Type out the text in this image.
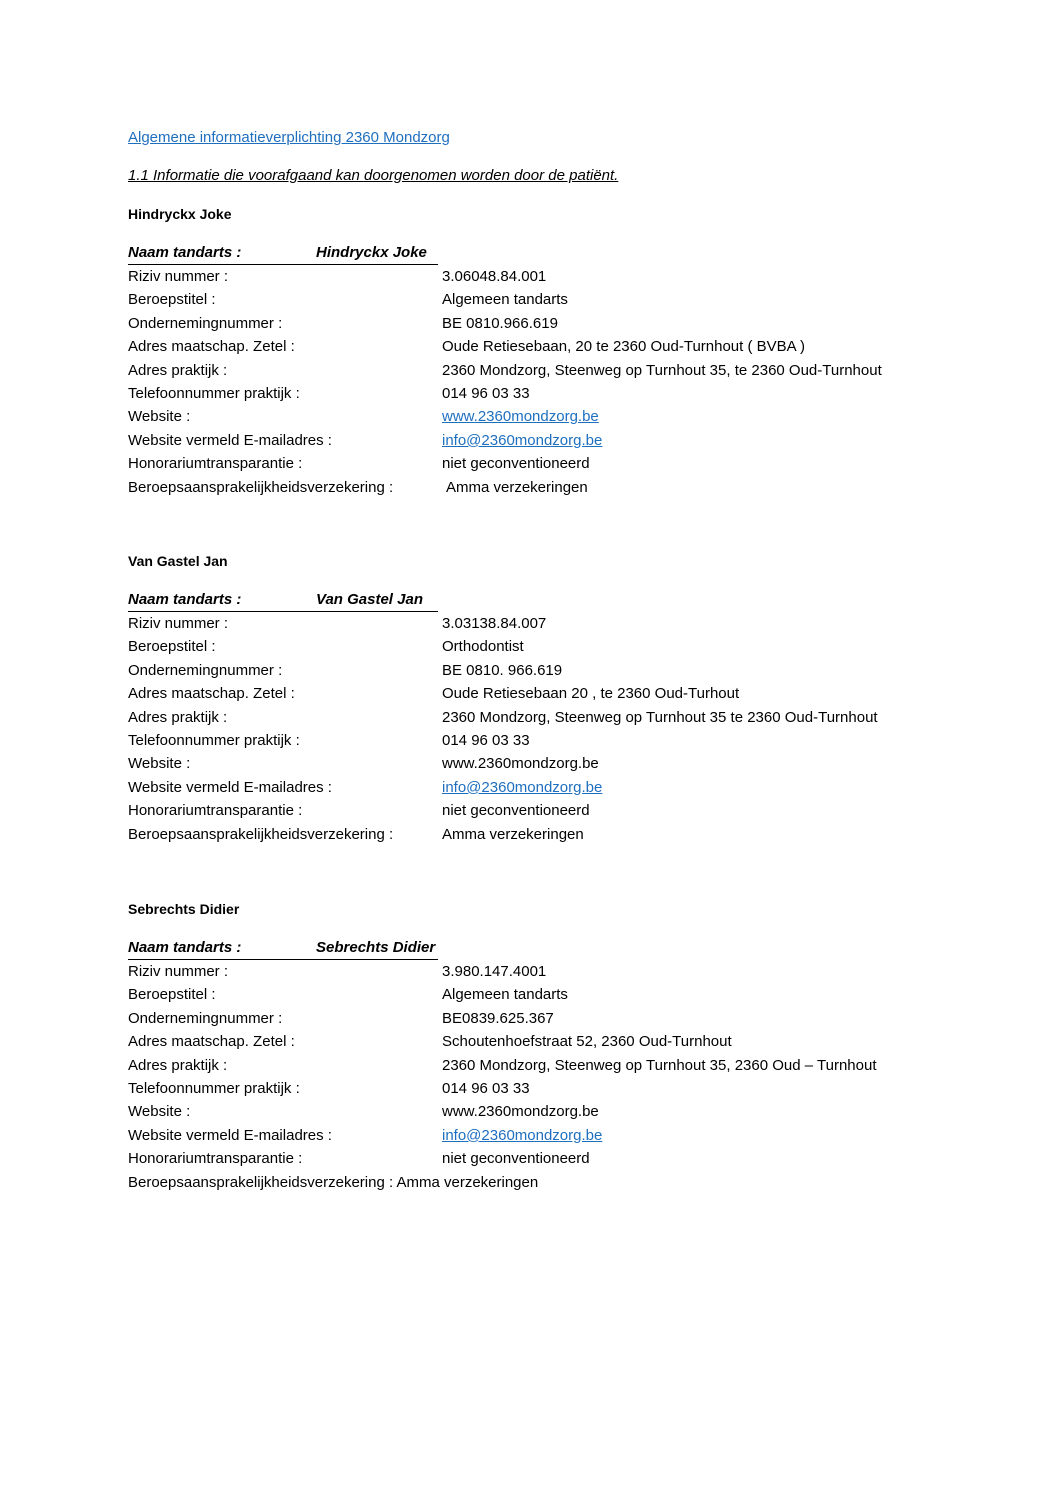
Algemene informatieverplichting 2360 Mondzorg
1.1 Informatie die voorafgaand kan doorgenomen worden door de patiënt.
Hindryckx Joke
Naam tandarts :	Hindryckx Joke
Riziv nummer :	3.06048.84.001
Beroepstitel :	Algemeen tandarts
Ondernemingnummer :	BE 0810.966.619
Adres maatschap. Zetel :	Oude Retiesebaan, 20 te 2360 Oud-Turnhout ( BVBA )
Adres praktijk :	2360 Mondzorg, Steenweg op Turnhout 35, te 2360 Oud-Turnhout
Telefoonnummer praktijk :	014 96 03 33
Website :	www.2360mondzorg.be
Website vermeld E-mailadres :	info@2360mondzorg.be
Honorariumtransparantie :	niet geconventioneerd
Beroepsaansprakelijkheidsverzekering :	Amma verzekeringen
Van Gastel Jan
Naam tandarts :	Van Gastel Jan
Riziv nummer :	3.03138.84.007
Beroepstitel :	Orthodontist
Ondernemingnummer :	BE 0810. 966.619
Adres maatschap. Zetel :	Oude Retiesebaan 20 , te 2360 Oud-Turhout
Adres praktijk :	2360 Mondzorg, Steenweg op Turnhout 35 te 2360 Oud-Turnhout
Telefoonnummer praktijk :	014 96 03 33
Website :	www.2360mondzorg.be
Website vermeld E-mailadres :	info@2360mondzorg.be
Honorariumtransparantie :	niet geconventioneerd
Beroepsaansprakelijkheidsverzekering :	Amma verzekeringen
Sebrechts Didier
Naam tandarts :	Sebrechts Didier
Riziv nummer :	3.980.147.4001
Beroepstitel :	Algemeen tandarts
Ondernemingnummer :	BE0839.625.367
Adres maatschap. Zetel :	Schoutenhoefstraat 52, 2360 Oud-Turnhout
Adres praktijk :	2360 Mondzorg, Steenweg op Turnhout 35, 2360 Oud – Turnhout
Telefoonnummer praktijk :	014 96 03 33
Website :	www.2360mondzorg.be
Website vermeld E-mailadres :	info@2360mondzorg.be
Honorariumtransparantie :	niet geconventioneerd
Beroepsaansprakelijkheidsverzekering : Amma verzekeringen
